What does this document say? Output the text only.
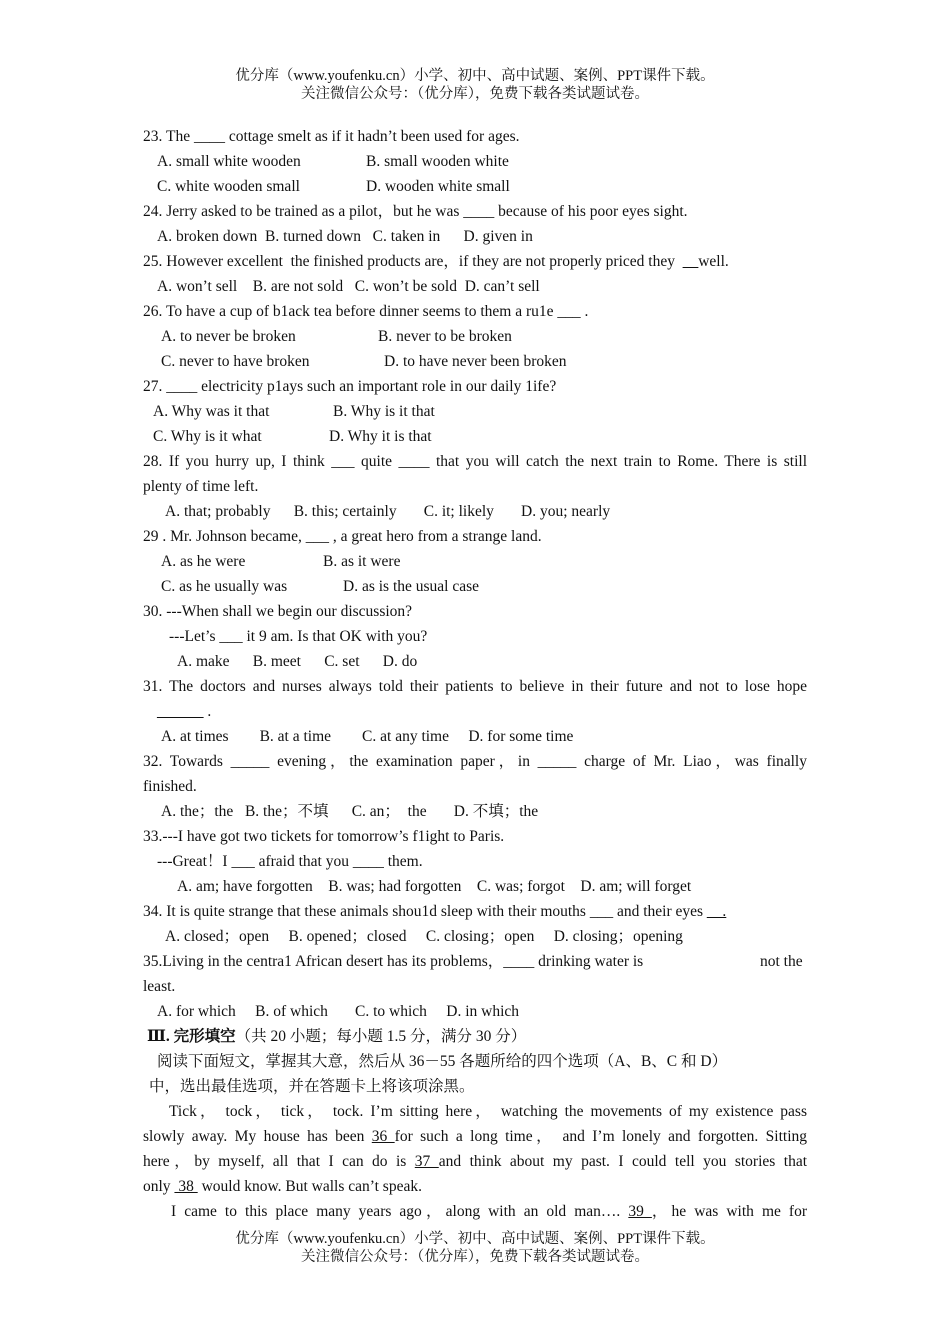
优分库（www.youfenku.cn）小学、初中、高中试题、案例、PPT课件下载。
关注微信公众号：（优分库），免费下载各类试题试卷。
23. The ____ cottage smelt as if it hadn’t been used for ages.
A. small white wooden	B. small wooden white
C. white wooden small	D. wooden white small
24. Jerry asked to be trained as a pilot，but he was ____ because of his poor eyes sight.
A. broken down  B. turned down   C. taken in      D. given in
25. However excellent  the finished products are，if they are not properly priced they  __well.
A. won’t sell    B. are not sold   C. won’t be sold  D. can’t sell
26. To have a cup of b1ack tea before dinner seems to them a ru1e ___ .
A. to never be broken	B. never to be broken
C. never to have broken	D. to have never been broken
27. ____ electricity p1ays such an important role in our daily 1ife?
A. Why was it that	B. Why is it that
C. Why is it what	D. Why it is that
28. If you hurry up, I think ___ quite ____ that you will catch the next train to Rome. There is still
plenty of time left.
A. that; probably      B. this; certainly       C. it; likely       D. you; nearly
29 . Mr. Johnson became, ___ , a great hero from a strange land.
A. as he were	B. as it were
C. as he usually was	D. as is the usual case
30. ---When shall we begin our discussion?
---Let’s ___ it 9 am. Is that OK with you?
A. make      B. meet      C. set      D. do
31. The doctors and nurses always told their patients to believe in their future and not to lose hope
______ .
A. at times        B. at a time        C. at any time     D. for some time
32. Towards _____ evening，the examination paper，in _____ charge of Mr. Liao，was finally
finished.
A. the；the   B. the；不填      C. an；  the       D. 不填；the
33.---I have got two tickets for tomorrow’s f1ight to Paris.
---Great！I ___ afraid that you ____ them.
A. am; have forgotten    B. was; had forgotten    C. was; forgot    D. am; will forget
34. It is quite strange that these animals shou1d sleep with their mouths ___ and their eyes __.
A. closed；open     B. opened；closed     C. closing；open     D. closing；opening
35.Living in the centra1 African desert has its problems，____ drinking water is	not the
least.
A. for which     B. of which       C. to which     D. in which
Ⅲ. 完形填空（共 20 小题；每小题 1.5 分，满分 30 分）
阅读下面短文，掌握其大意，然后从 36－55 各题所给的四个选项（A、B、C 和 D）
中，选出最佳选项，并在答题卡上将该项涂黑。
Tick， tock， tick， tock. I’m sitting here， watching the movements of my existence pass
slowly away. My house has been 36 for such a long time， and I’m lonely and forgotten. Sitting
here，by myself, all that I can do is 37 and think about my past. I could tell you stories that
only  38  would know. But walls can’t speak.
I came to this place many years ago，along with an old man…. 39 ，he was with me for
优分库（www.youfenku.cn）小学、初中、高中试题、案例、PPT课件下载。
关注微信公众号：（优分库），免费下载各类试题试卷。
